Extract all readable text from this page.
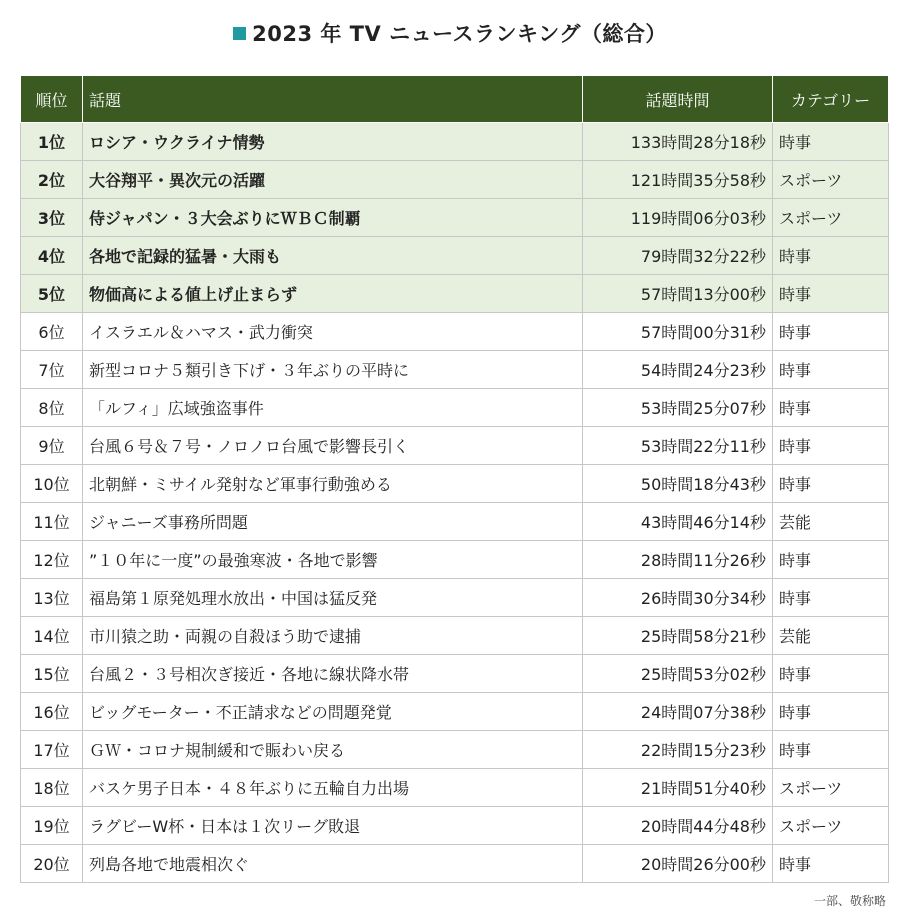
2023 年 TV ニュースランキング（総合）
順位	話題	話題時間	カテゴリー
1位	ロシア・ウクライナ情勢	133時間28分18秒	時事
2位	大谷翔平・異次元の活躍	121時間35分58秒	スポーツ
3位	侍ジャパン・３大会ぶりにＷＢＣ制覇	119時間06分03秒	スポーツ
4位	各地で記録的猛暑・大雨も	79時間32分22秒	時事
5位	物価高による値上げ止まらず	57時間13分00秒	時事
6位	イスラエル＆ハマス・武力衝突	57時間00分31秒	時事
7位	新型コロナ５類引き下げ・３年ぶりの平時に	54時間24分23秒	時事
8位	「ルフィ」広域強盗事件	53時間25分07秒	時事
9位	台風６号＆７号・ノロノロ台風で影響長引く	53時間22分11秒	時事
10位	北朝鮮・ミサイル発射など軍事行動強める	50時間18分43秒	時事
11位	ジャニーズ事務所問題	43時間46分14秒	芸能
12位	”１０年に一度”の最強寒波・各地で影響	28時間11分26秒	時事
13位	福島第１原発処理水放出・中国は猛反発	26時間30分34秒	時事
14位	市川猿之助・両親の自殺ほう助で逮捕	25時間58分21秒	芸能
15位	台風２・３号相次ぎ接近・各地に線状降水帯	25時間53分02秒	時事
16位	ビッグモーター・不正請求などの問題発覚	24時間07分38秒	時事
17位	ＧＷ・コロナ規制緩和で賑わい戻る	22時間15分23秒	時事
18位	バスケ男子日本・４８年ぶりに五輪自力出場	21時間51分40秒	スポーツ
19位	ラグビーW杯・日本は１次リーグ敗退	20時間44分48秒	スポーツ
20位	列島各地で地震相次ぐ	20時間26分00秒	時事
一部、敬称略
